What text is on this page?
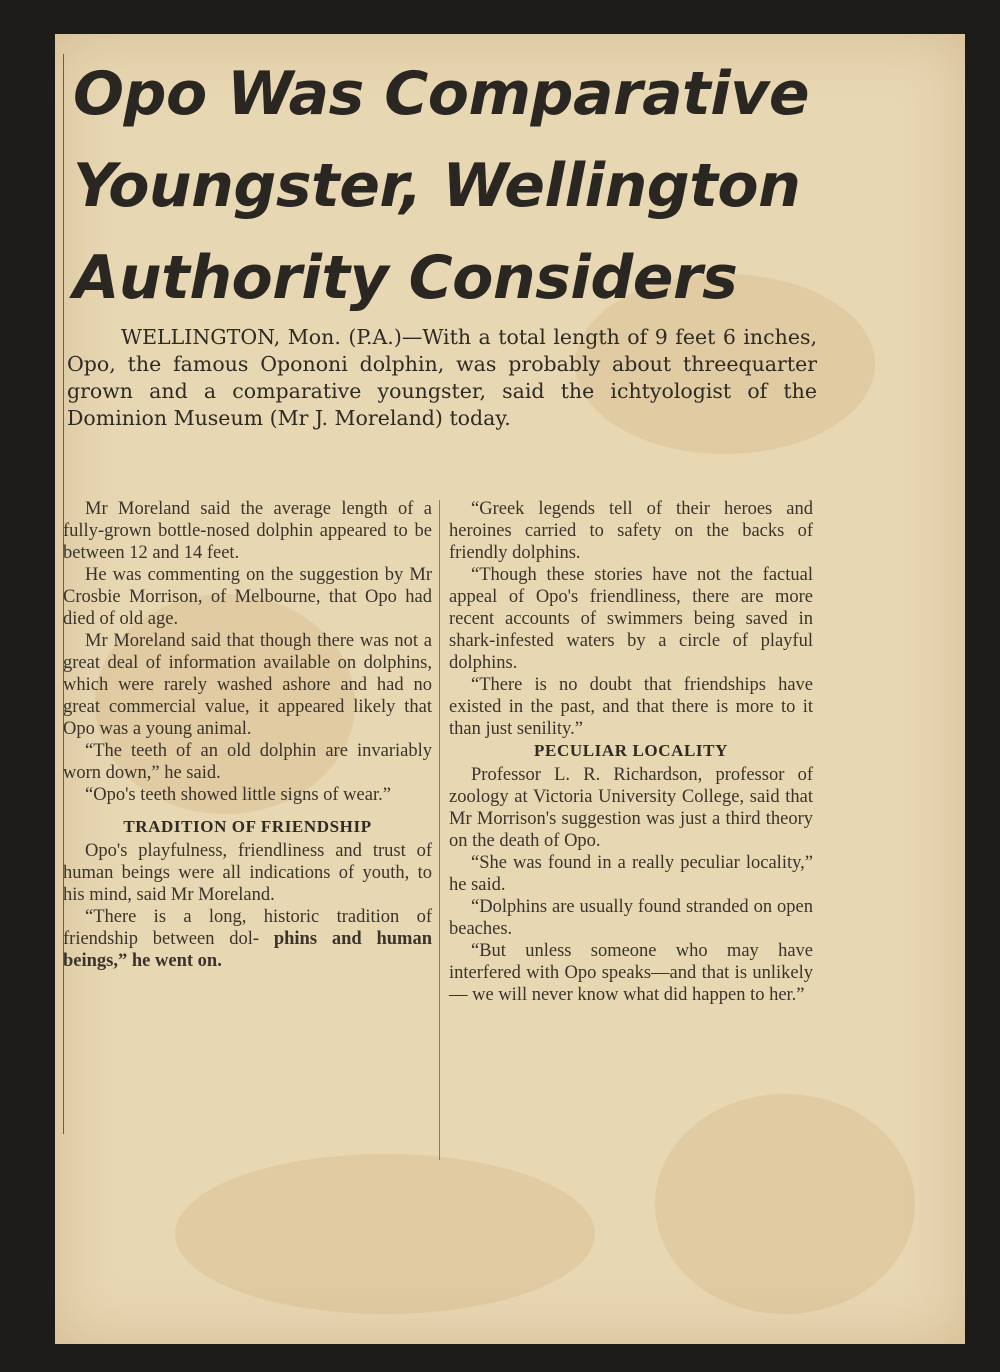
Opo Was Comparative
Youngster, Wellington
Authority Considers

WELLINGTON, Mon. (P.A.)—With a total length of 9 feet 6 inches, Opo, the famous Opononi dolphin, was probably about threequarter grown and a comparative youngster, said the ichtyologist of the Dominion Museum (Mr J. Moreland) today.

Mr Moreland said the average length of a fully-grown bottle-nosed dolphin appeared to be between 12 and 14 feet.

He was commenting on the suggestion by Mr Crosbie Morrison, of Melbourne, that Opo had died of old age.

Mr Moreland said that though there was not a great deal of information available on dolphins, which were rarely washed ashore and had no great commercial value, it appeared likely that Opo was a young animal.

“The teeth of an old dolphin are invariably worn down,” he said.

“Opo's teeth showed little signs of wear.”

TRADITION OF FRIENDSHIP

Opo's playfulness, friendliness and trust of human beings were all indications of youth, to his mind, said Mr Moreland.

“There is a long, historic tradition of friendship between dol- phins and human beings,” he went on.

“Greek legends tell of their heroes and heroines carried to safety on the backs of friendly dolphins.

“Though these stories have not the factual appeal of Opo's friendliness, there are more recent accounts of swimmers being saved in shark-infested waters by a circle of playful dolphins.

“There is no doubt that friendships have existed in the past, and that there is more to it than just senility.”

PECULIAR LOCALITY

Professor L. R. Richardson, professor of zoology at Victoria University College, said that Mr Morrison's suggestion was just a third theory on the death of Opo.

“She was found in a really peculiar locality,” he said.

“Dolphins are usually found stranded on open beaches.

“But unless someone who may have interfered with Opo speaks—and that is unlikely — we will never know what did happen to her.”
